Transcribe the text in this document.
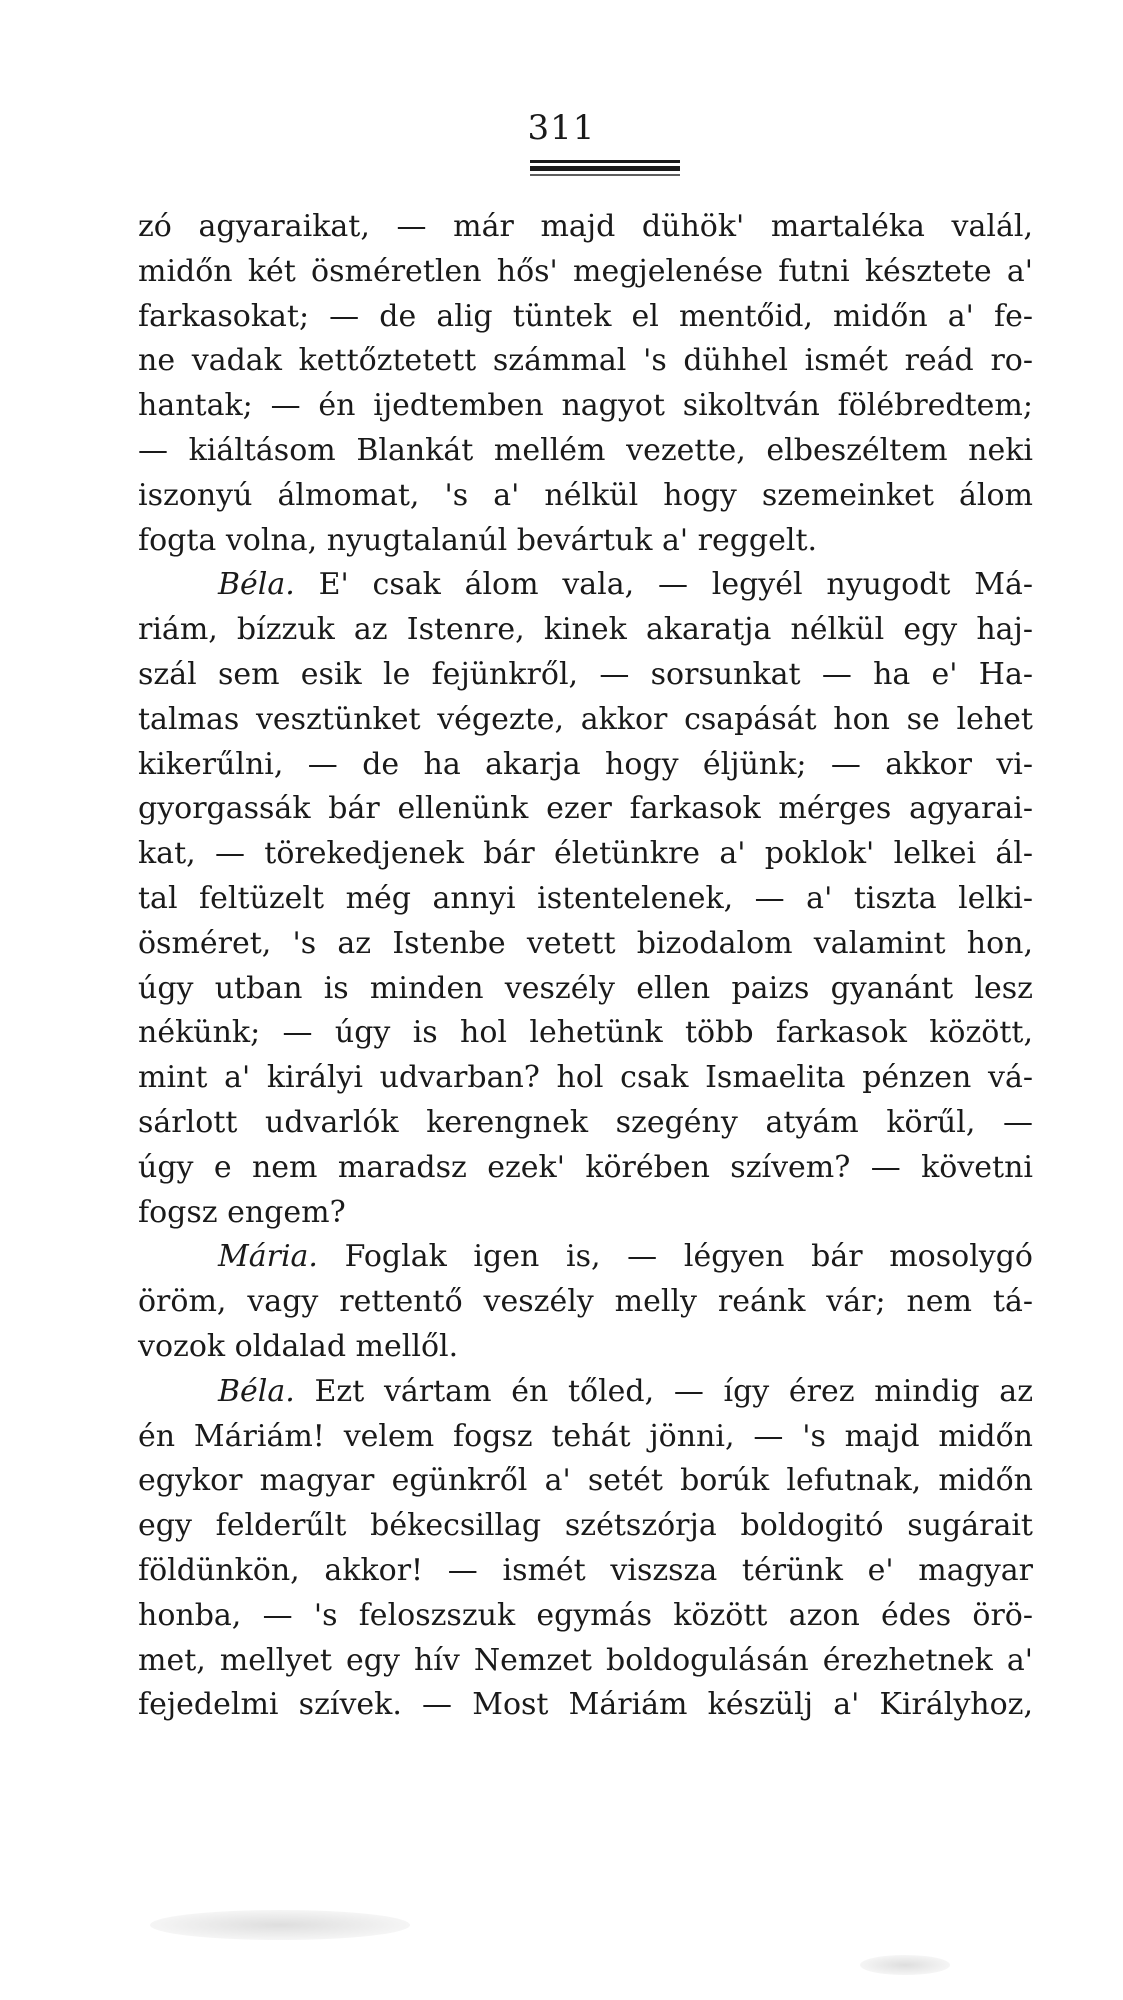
311
zó agyaraikat, — már majd dühök' martaléka valál,
midőn két ösméretlen hős' megjelenése futni késztete a'
farkasokat; — de alig tüntek el mentőid, midőn a' fe-
ne vadak kettőztetett számmal 's dühhel ismét reád ro-
hantak; — én ijedtemben nagyot sikoltván fölébredtem;
— kiáltásom Blankát mellém vezette, elbeszéltem neki
iszonyú álmomat, 's a' nélkül hogy szemeinket álom
fogta volna, nyugtalanúl bevártuk a' reggelt.
Béla. E' csak álom vala, — legyél nyugodt Má-
riám, bízzuk az Istenre, kinek akaratja nélkül egy haj-
szál sem esik le fejünkről, — sorsunkat — ha e' Ha-
talmas vesztünket végezte, akkor csapását hon se lehet
kikerűlni, — de ha akarja hogy éljünk; — akkor vi-
gyorgassák bár ellenünk ezer farkasok mérges agyarai-
kat, — törekedjenek bár életünkre a' poklok' lelkei ál-
tal feltüzelt még annyi istentelenek, — a' tiszta lelki-
ösméret, 's az Istenbe vetett bizodalom valamint hon,
úgy utban is minden veszély ellen paizs gyanánt lesz
nékünk; — úgy is hol lehetünk több farkasok között,
mint a' királyi udvarban? hol csak Ismaelita pénzen vá-
sárlott udvarlók kerengnek szegény atyám körűl, —
úgy e nem maradsz ezek' körében szívem? — követni
fogsz engem?
Mária. Foglak igen is, — légyen bár mosolygó
öröm, vagy rettentő veszély melly reánk vár; nem tá-
vozok oldalad mellől.
Béla. Ezt vártam én tőled, — így érez mindig az
én Máriám! velem fogsz tehát jönni, — 's majd midőn
egykor magyar egünkről a' setét borúk lefutnak, midőn
egy felderűlt békecsillag szétszórja boldogitó sugárait
földünkön, akkor! — ismét viszsza térünk e' magyar
honba, — 's feloszszuk egymás között azon édes örö-
met, mellyet egy hív Nemzet boldogulásán érezhetnek a'
fejedelmi szívek. — Most Máriám készülj a' Királyhoz,
